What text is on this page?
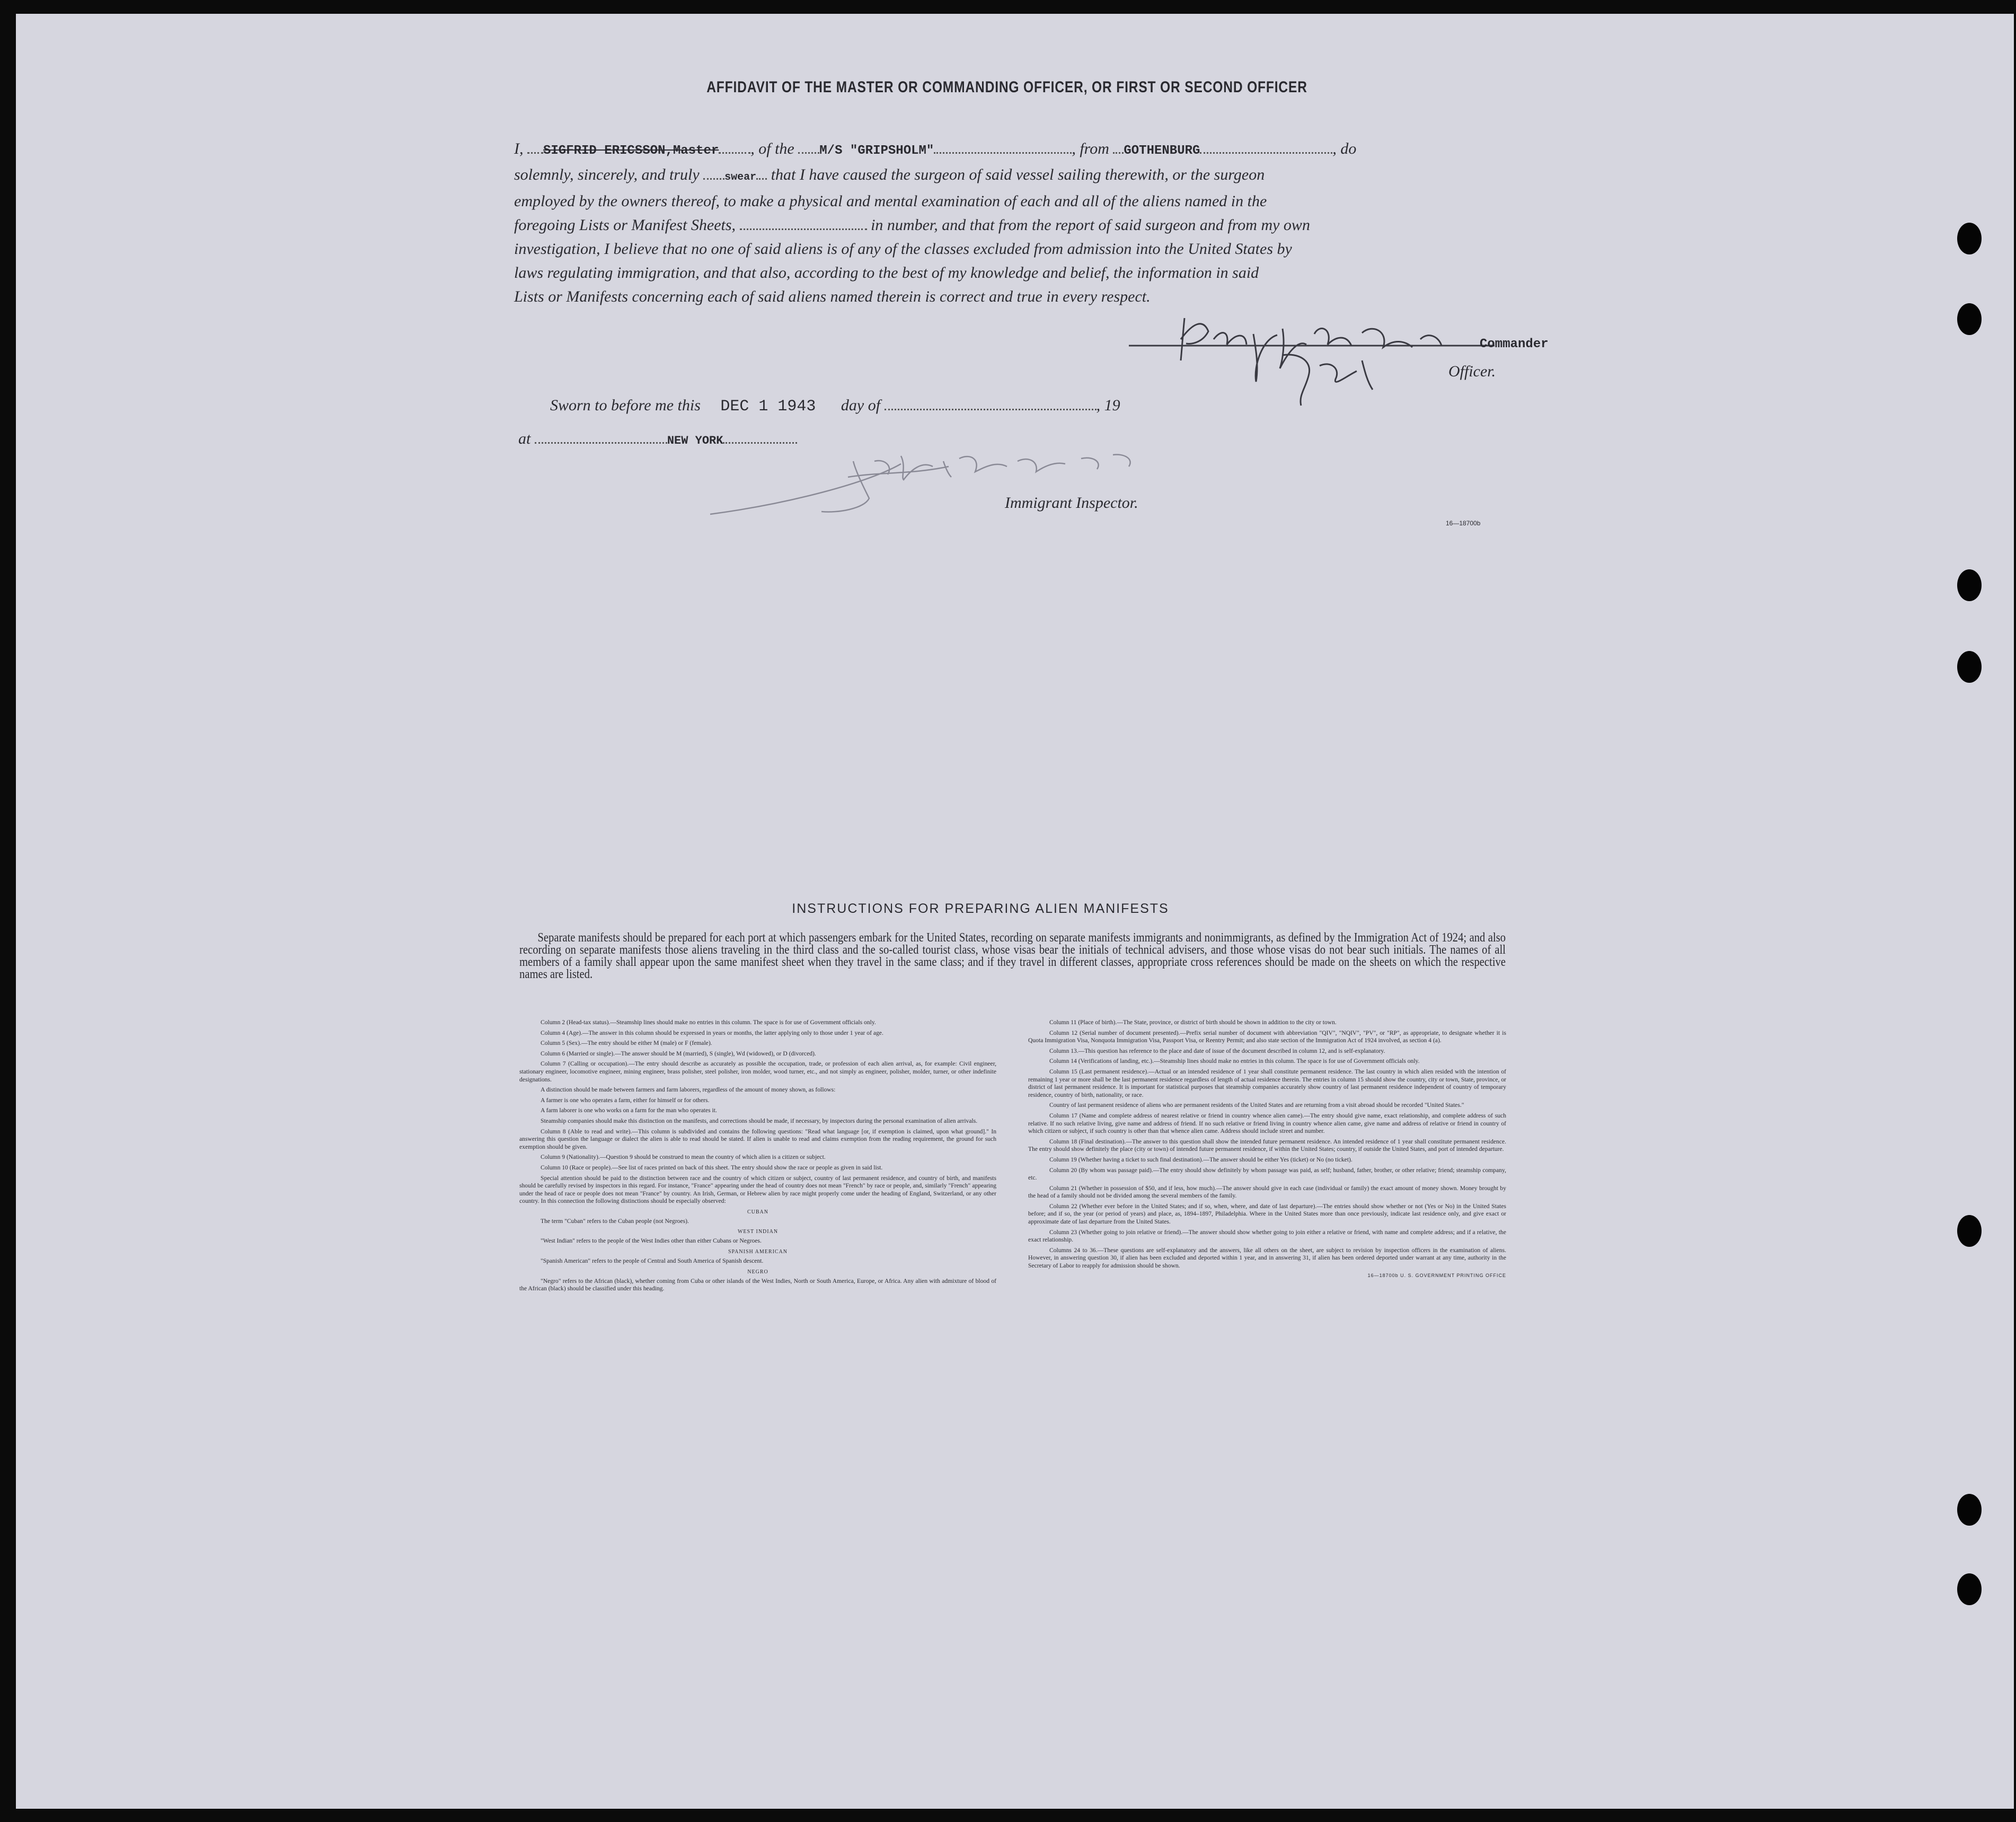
AFFIDAVIT OF THE MASTER OR COMMANDING OFFICER, OR FIRST OR SECOND OFFICER
I, SIGFRID ERICSSON,Master , of the M/S "GRIPSHOLM"	, from GOTHENBURG	, do
solemnly, sincerely, and truly swear that I have caused the surgeon of said vessel sailing therewith, or the surgeon
employed by the owners thereof, to make a physical and mental examination of each and all of the aliens named in the
foregoing Lists or Manifest Sheets,	in number, and that from the report of said surgeon and from my own
investigation, I believe that no one of said aliens is of any of the classes excluded from admission into the United States by
laws regulating immigration, and that also, according to the best of my knowledge and belief, the information in said
Lists or Manifests concerning each of said aliens named therein is correct and true in every respect.
Commander
Officer.
Sworn to before me this DEC 1 1943 day of	, 19
at	NEW YORK
Immigrant Inspector.
16—18700b
INSTRUCTIONS FOR PREPARING ALIEN MANIFESTS

Separate manifests should be prepared for each port at which passengers embark for the United States, recording on separate manifests immigrants and nonimmigrants, as defined by the Immigration Act of 1924; and also recording on separate manifests those aliens traveling in the third class and the so-called tourist class, whose visas bear the initials of technical advisers, and those whose visas do not bear such initials. The names of all members of a family shall appear upon the same manifest sheet when they travel in the same class; and if they travel in different classes, appropriate cross references should be made on the sheets on which the respective names are listed.

Column 2 (Head-tax status).—Steamship lines should make no entries in this column. The space is for use of Government officials only.

Column 4 (Age).—The answer in this column should be expressed in years or months, the latter applying only to those under 1 year of age.

Column 5 (Sex).—The entry should be either M (male) or F (female).

Column 6 (Married or single).—The answer should be M (married), S (single), Wd (widowed), or D (divorced).

Column 7 (Calling or occupation).—The entry should describe as accurately as possible the occupation, trade, or profession of each alien arrival, as, for example: Civil engineer, stationary engineer, locomotive engineer, mining engineer, brass polisher, steel polisher, iron molder, wood turner, etc., and not simply as engineer, polisher, molder, turner, or other indefinite designations.

A distinction should be made between farmers and farm laborers, regardless of the amount of money shown, as follows:

A farmer is one who operates a farm, either for himself or for others.

A farm laborer is one who works on a farm for the man who operates it.

Steamship companies should make this distinction on the manifests, and corrections should be made, if necessary, by inspectors during the personal examination of alien arrivals.

Column 8 (Able to read and write).—This column is subdivided and contains the following questions: "Read what language [or, if exemption is claimed, upon what ground]." In answering this question the language or dialect the alien is able to read should be stated. If alien is unable to read and claims exemption from the reading requirement, the ground for such exemption should be given.

Column 9 (Nationality).—Question 9 should be construed to mean the country of which alien is a citizen or subject.

Column 10 (Race or people).—See list of races printed on back of this sheet. The entry should show the race or people as given in said list.

Special attention should be paid to the distinction between race and the country of which citizen or subject, country of last permanent residence, and country of birth, and manifests should be carefully revised by inspectors in this regard. For instance, "France" appearing under the head of country does not mean "French" by race or people, and, similarly "French" appearing under the head of race or people does not mean "France" by country. An Irish, German, or Hebrew alien by race might properly come under the heading of England, Switzerland, or any other country. In this connection the following distinctions should be especially observed:

CUBAN

The term "Cuban" refers to the Cuban people (not Negroes).

WEST INDIAN

"West Indian" refers to the people of the West Indies other than either Cubans or Negroes.

SPANISH AMERICAN

"Spanish American" refers to the people of Central and South America of Spanish descent.

NEGRO

"Negro" refers to the African (black), whether coming from Cuba or other islands of the West Indies, North or South America, Europe, or Africa. Any alien with admixture of blood of the African (black) should be classified under this heading.

Column 11 (Place of birth).—The State, province, or district of birth should be shown in addition to the city or town.

Column 12 (Serial number of document presented).—Prefix serial number of document with abbreviation "QIV", "NQIV", "PV", or "RP", as appropriate, to designate whether it is Quota Immigration Visa, Nonquota Immigration Visa, Passport Visa, or Reentry Permit; and also state section of the Immigration Act of 1924 involved, as section 4 (a).

Column 13.—This question has reference to the place and date of issue of the document described in column 12, and is self-explanatory.

Column 14 (Verifications of landing, etc.).—Steamship lines should make no entries in this column. The space is for use of Government officials only.

Column 15 (Last permanent residence).—Actual or an intended residence of 1 year shall constitute permanent residence. The last country in which alien resided with the intention of remaining 1 year or more shall be the last permanent residence regardless of length of actual residence therein. The entries in column 15 should show the country, city or town, State, province, or district of last permanent residence. It is important for statistical purposes that steamship companies accurately show country of last permanent residence independent of country of temporary residence, country of birth, nationality, or race.

Country of last permanent residence of aliens who are permanent residents of the United States and are returning from a visit abroad should be recorded "United States."

Column 17 (Name and complete address of nearest relative or friend in country whence alien came).—The entry should give name, exact relationship, and complete address of such relative. If no such relative living, give name and address of friend. If no such relative or friend living in country whence alien came, give name and address of relative or friend in country of which citizen or subject, if such country is other than that whence alien came. Address should include street and number.

Column 18 (Final destination).—The answer to this question shall show the intended future permanent residence. An intended residence of 1 year shall constitute permanent residence. The entry should show definitely the place (city or town) of intended future permanent residence, if within the United States; country, if outside the United States, and port of intended departure.

Column 19 (Whether having a ticket to such final destination).—The answer should be either Yes (ticket) or No (no ticket).

Column 20 (By whom was passage paid).—The entry should show definitely by whom passage was paid, as self; husband, father, brother, or other relative; friend; steamship company, etc.

Column 21 (Whether in possession of $50, and if less, how much).—The answer should give in each case (individual or family) the exact amount of money shown. Money brought by the head of a family should not be divided among the several members of the family.

Column 22 (Whether ever before in the United States; and if so, when, where, and date of last departure).—The entries should show whether or not (Yes or No) in the United States before; and if so, the year (or period of years) and place, as, 1894–1897, Philadelphia. Where in the United States more than once previously, indicate last residence only, and give exact or approximate date of last departure from the United States.

Column 23 (Whether going to join relative or friend).—The answer should show whether going to join either a relative or friend, with name and complete address; and if a relative, the exact relationship.

Columns 24 to 36.—These questions are self-explanatory and the answers, like all others on the sheet, are subject to revision by inspection officers in the examination of aliens. However, in answering question 30, if alien has been excluded and deported within 1 year, and in answering 31, if alien has been ordered deported under warrant at any time, authority in the Secretary of Labor to reapply for admission should be shown.

16—18700b U. S. GOVERNMENT PRINTING OFFICE
